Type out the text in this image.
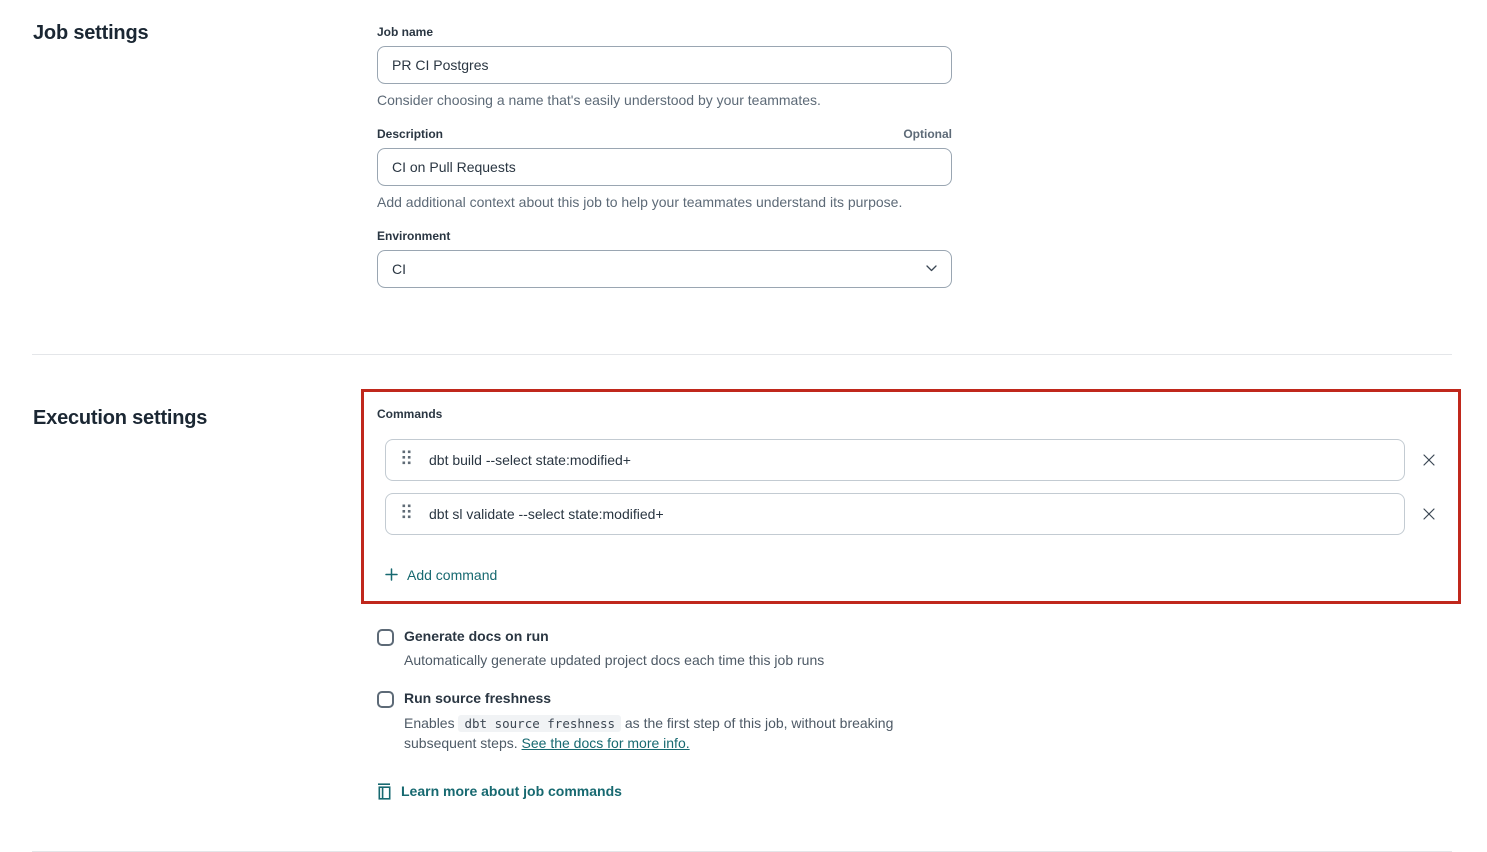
Job settings	Job name
PR CI Postgres
Consider choosing a name that's easily understood by your teammates.
Description	Optional
CI on Pull Requests
Add additional context about this job to help your teammates understand its purpose.
Environment
CI
Execution settings	Commands
dbt build --select state:modified+
dbt sl validate --select state:modified+
Add command
Generate docs on run
Automatically generate updated project docs each time this job runs
Run source freshness
Enables dbt source freshness as the first step of this job, without breaking subsequent steps. See the docs for more info.
Learn more about job commands
